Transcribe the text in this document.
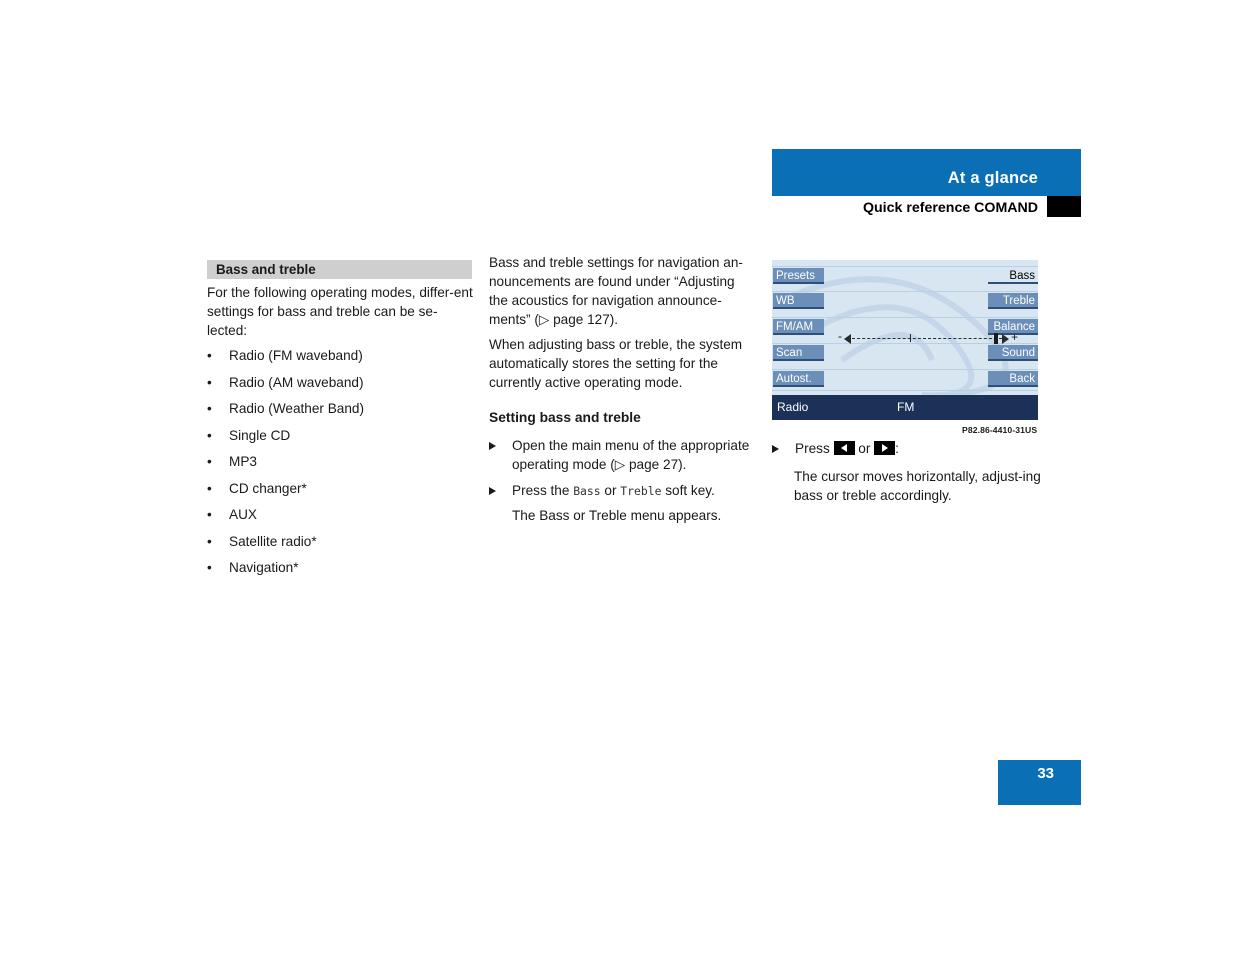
At a glance
Quick reference COMAND
Bass and treble
For the following operating modes, differ-ent settings for bass and treble can be se-lected:
• Radio (FM waveband)
• Radio (AM waveband)
• Radio (Weather Band)
• Single CD
• MP3
• CD changer*
• AUX
• Satellite radio*
• Navigation*
Bass and treble settings for navigation an-nouncements are found under “Adjusting the acoustics for navigation announce-ments” (▷ page 127).
When adjusting bass or treble, the system automatically stores the setting for the currently active operating mode.
Setting bass and treble
Open the main menu of the appropriate operating mode (▷ page 27).
Press the Bass or Treble soft key.
The Bass or Treble menu appears.
Presets
WB
FM/AM
Scan
Autost.
Bass
Treble
Balance
Sound
Back
-	+
Radio	FM
P82.86-4410-31US
Press
or
:
The cursor moves horizontally, adjust-ing bass or treble accordingly.
33
